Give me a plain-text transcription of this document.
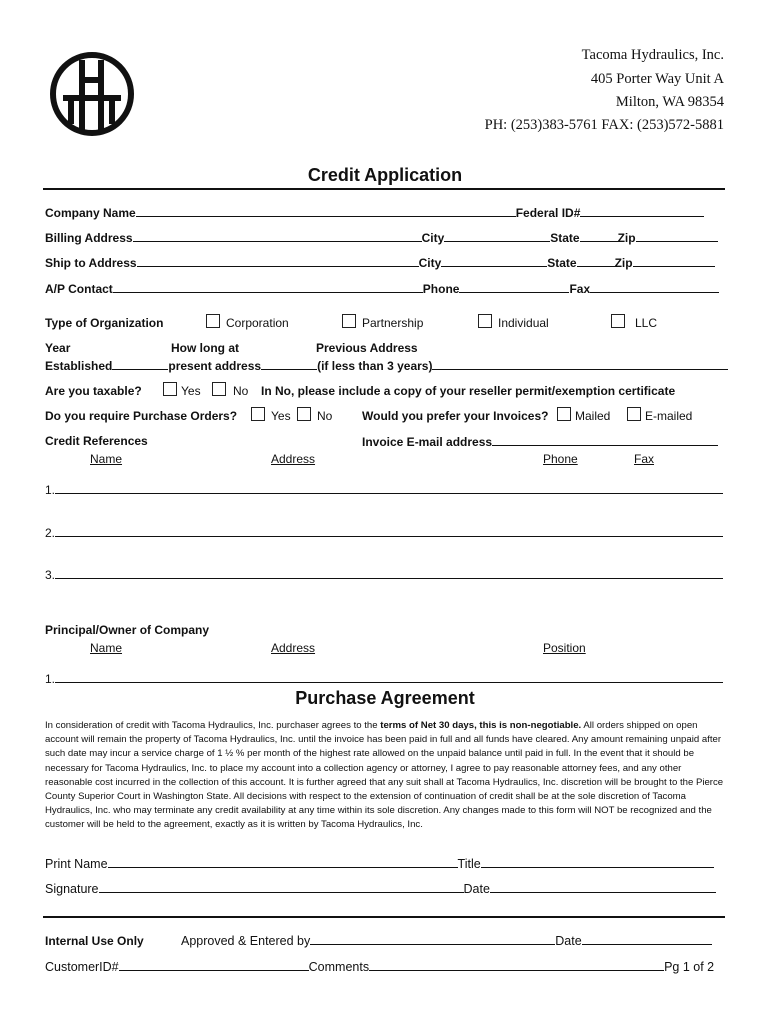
Tacoma Hydraulics, Inc.
405 Porter Way Unit A
Milton, WA 98354
PH: (253)383-5761 FAX: (253)572-5881
Credit Application
Company Name	Federal ID#
Billing Address	City	State	Zip
Ship to Address	City	State	Zip
A/P Contact	Phone	Fax
Type of Organization	Corporation	Partnership	Individual	LLC
Year	How long at	Previous Address
Established	present address	(if less than 3 years)
Are you taxable?	Yes	No In No, please include a copy of your reseller permit/exemption certificate
Do you require Purchase Orders?	Yes No Would you prefer your Invoices? Mailed	E-mailed
Credit References	Invoice E-mail address
Name	Address	Phone	Fax
1.
2.
3.
Principal/Owner of Company
Name	Address	Position
1.
Purchase Agreement
In consideration of credit with Tacoma Hydraulics, Inc. purchaser agrees to the terms of Net 30 days, this is non-negotiable. All orders shipped on open account will remain the property of Tacoma Hydraulics, Inc. until the invoice has been paid in full and all funds have cleared. Any amount remaining unpaid after such date may incur a service charge of 1 ½ % per month of the highest rate allowed on the unpaid balance until paid in full. In the event that it should be necessary for Tacoma Hydraulics, Inc. to place my account into a collection agency or attorney, I agree to pay reasonable attorney fees, and any other reasonable cost incurred in the collection of this account. It is further agreed that any suit shall at Tacoma Hydraulics, Inc. discretion will be brought to the Pierce County Superior Court in Washington State. All decisions with respect to the extension of continuation of credit shall be at the sole discretion of Tacoma Hydraulics, Inc. who may terminate any credit availability at any time within its sole discretion. Any changes made to this form will NOT be recognized and the customer will be held to the agreement, exactly as it is written by Tacoma Hydraulics, Inc.
Print Name	Title
Signature	Date
Internal Use Only	Approved & Entered by	Date
CustomerID#	Comments	Pg 1 of 2
